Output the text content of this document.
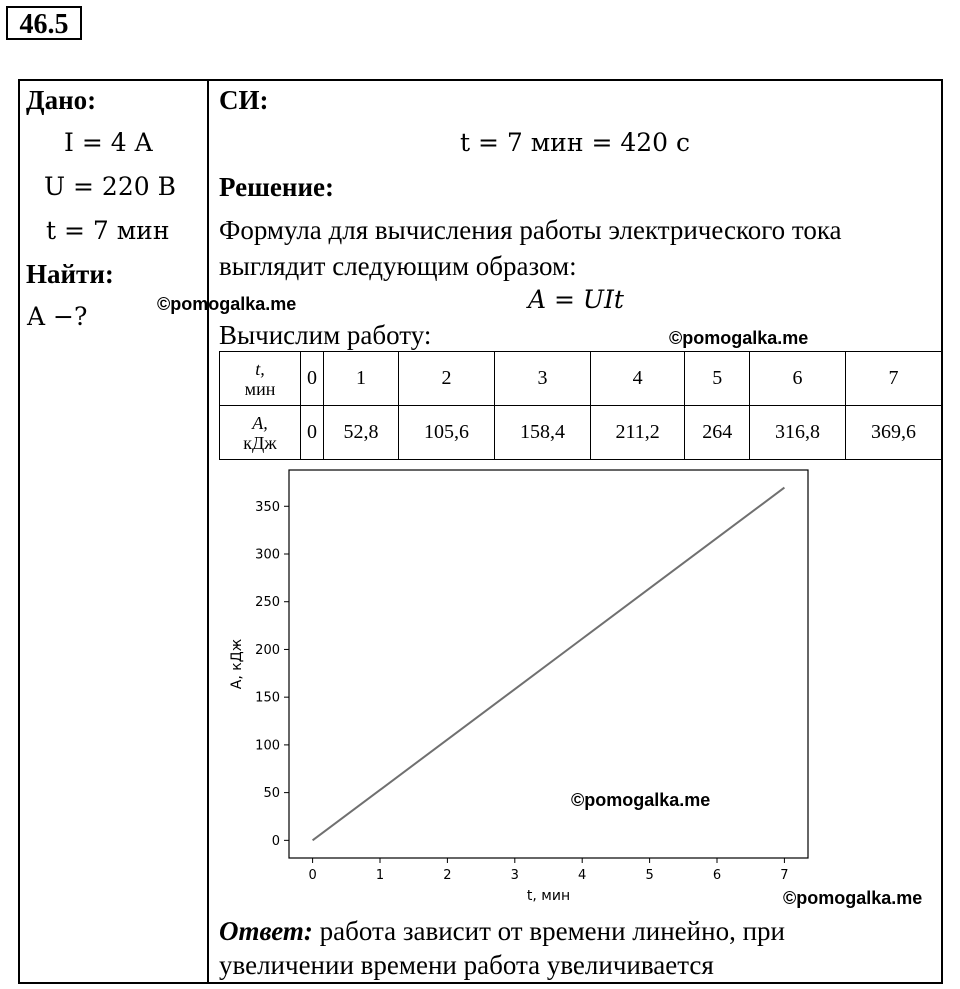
46.5
Дано:
I = 4 A
U = 220 B
t = 7 мин
Найти:
A −?
СИ:
t = 7 мин = 420 с
Решение:
Формула для вычисления работы электрического тока
выглядит следующим образом:
A = UIt
Вычислим работу:
©pomogalka.me
©pomogalka.me
©pomogalka.me
©pomogalka.me
t,
мин	0	1	2	3	4	5	6	7
A,
кДж	0	52,8	105,6	158,4	211,2	264	316,8	369,6
0	1	2	3	4	5	6	7
0
50
100
150
200
250
300
350
t, мин
A, кДж
Ответ: работа зависит от времени линейно, при
увеличении времени работа увеличивается
